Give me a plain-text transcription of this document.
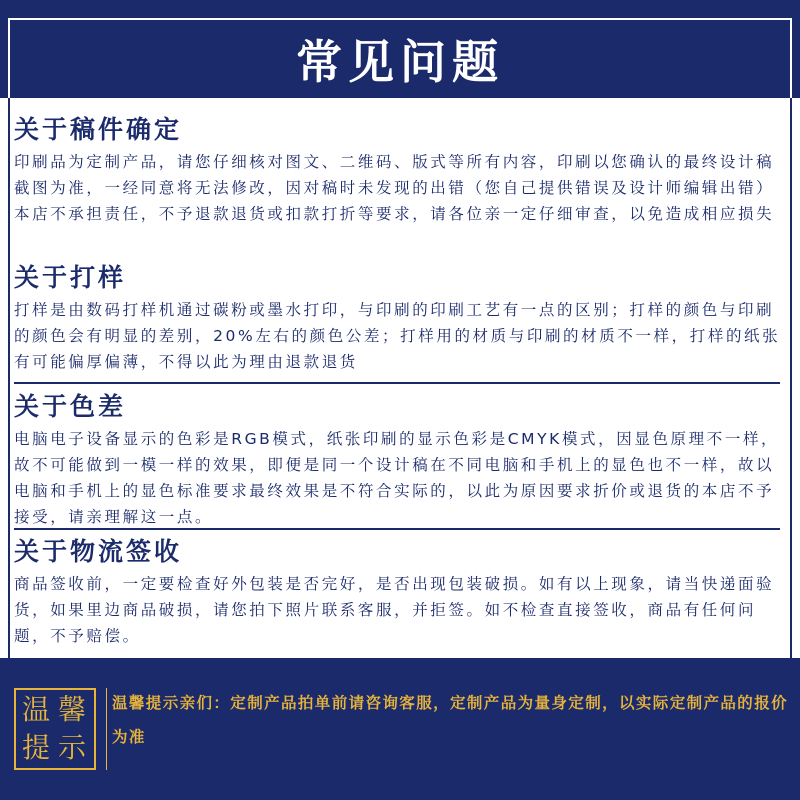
常见问题
关于稿件确定
印刷品为定制产品，请您仔细核对图文、二维码、版式等所有内容，印刷以您确认的最终设计稿截图为准，一经同意将无法修改，因对稿时未发现的出错（您自己提供错误及设计师编辑出错）本店不承担责任，不予退款退货或扣款打折等要求，请各位亲一定仔细审查，以免造成相应损失
关于打样
打样是由数码打样机通过碳粉或墨水打印，与印刷的印刷工艺有一点的区别；打样的颜色与印刷的颜色会有明显的差别，20%左右的颜色公差；打样用的材质与印刷的材质不一样，打样的纸张有可能偏厚偏薄，不得以此为理由退款退货
关于色差
电脑电子设备显示的色彩是RGB模式，纸张印刷的显示色彩是CMYK模式，因显色原理不一样，故不可能做到一模一样的效果，即便是同一个设计稿在不同电脑和手机上的显色也不一样，故以电脑和手机上的显色标准要求最终效果是不符合实际的，以此为原因要求折价或退货的本店不予接受，请亲理解这一点。
关于物流签收
商品签收前，一定要检查好外包装是否完好，是否出现包装破损。如有以上现象，请当快递面验货，如果里边商品破损，请您拍下照片联系客服，并拒签。如不检查直接签收，商品有任何问题，不予赔偿。
温馨
提示
温馨提示亲们：定制产品拍单前请咨询客服，定制产品为量身定制，以实际定制产品的报价为准
